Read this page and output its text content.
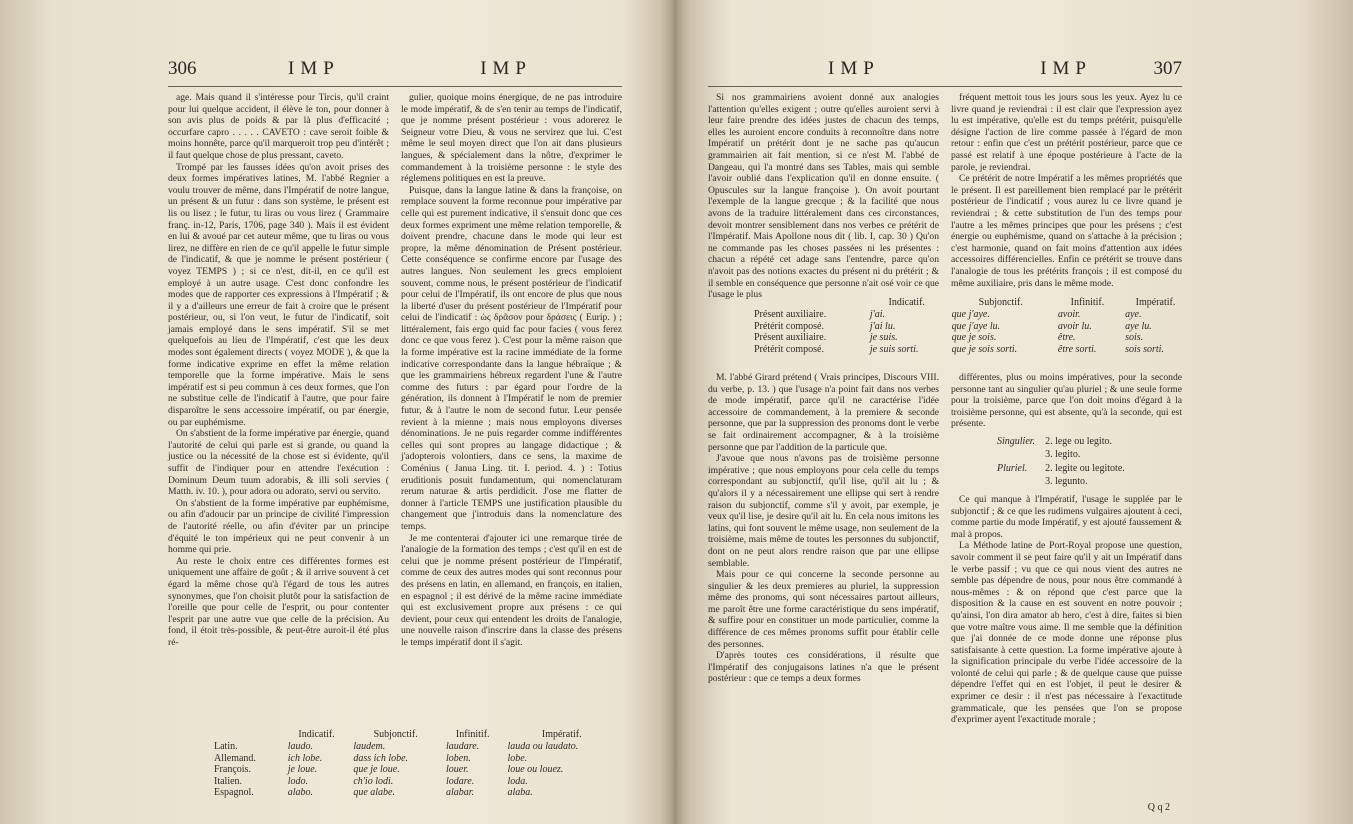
306	IMP	IMP

age. Mais quand il s'intéresse pour Tircis, qu'il craint pour lui quelque accident, il élève le ton, pour donner à son avis plus de poids & par là plus d'efficacité ; occurfare capro . . . . . CAVETO : cave seroit foible & moins honnête, parce qu'il marqueroit trop peu d'intérêt ; il faut quelque chose de plus pressant, caveto.

Trompé par les fausses idées qu'on avoit prises des deux formes impératives latines, M. l'abbé Regnier a voulu trouver de même, dans l'Impératif de notre langue, un présent & un futur : dans son système, le présent est lis ou lisez ; le futur, tu liras ou vous lirez ( Grammaire franç. in-12, Paris, 1706, page 340 ). Mais il est évident en lui & avoué par cet auteur même, que tu liras ou vous lirez, ne diffère en rien de ce qu'il appelle le futur simple de l'indicatif, & que je nomme le présent postérieur ( voyez TEMPS ) ; si ce n'est, dit-il, en ce qu'il est employé à un autre usage. C'est donc confondre les modes que de rapporter ces expressions à l'Impératif ; & il y a d'ailleurs une erreur de fait à croire que le présent postérieur, ou, si l'on veut, le futur de l'indicatif, soit jamais employé dans le sens impératif. S'il se met quelquefois au lieu de l'Impératif, c'est que les deux modes sont également directs ( voyez MODE ), & que la forme indicative exprime en effet la même relation temporelle que la forme impérative. Mais le sens impératif est si peu commun à ces deux formes, que l'on ne substitue celle de l'indicatif à l'autre, que pour faire disparoître le sens accessoire impératif, ou par énergie, ou par euphémisme.

On s'abstient de la forme impérative par énergie, quand l'autorité de celui qui parle est si grande, ou quand la justice ou la nécessité de la chose est si évidente, qu'il suffit de l'indiquer pour en attendre l'exécution : Dominum Deum tuum adorabis, & illi soli servies ( Matth. iv. 10. ), pour adora ou adorato, servi ou servito.

On s'abstient de la forme impérative par euphémisme, ou afin d'adoucir par un principe de civilité l'impression de l'autorité réelle, ou afin d'éviter par un principe d'équité le ton impérieux qui ne peut convenir à un homme qui prie.

Au reste le choix entre ces différentes formes est uniquement une affaire de goût ; & il arrive souvent à cet égard la même chose qu'à l'égard de tous les autres synonymes, que l'on choisit plutôt pour la satisfaction de l'oreille que pour celle de l'esprit, ou pour contenter l'esprit par une autre vue que celle de la précision. Au fond, il étoit très-possible, & peut-être auroit-il été plus ré-

gulier, quoique moins énergique, de ne pas introduire le mode impératif, & de s'en tenir au temps de l'indicatif, que je nomme présent postérieur : vous adorerez le Seigneur votre Dieu, & vous ne servirez que lui. C'est même le seul moyen direct que l'on ait dans plusieurs langues, & spécialement dans la nôtre, d'exprimer le commandement à la troisième personne : le style des réglemens politiques en est la preuve.

Puisque, dans la langue latine & dans la françoise, on remplace souvent la forme reconnue pour impérative par celle qui est purement indicative, il s'ensuit donc que ces deux formes expriment une même relation temporelle, & doivent prendre, chacune dans le mode qui leur est propre, la même dénomination de Présent postérieur. Cette conséquence se confirme encore par l'usage des autres langues. Non seulement les grecs emploient souvent, comme nous, le présent postérieur de l'indicatif pour celui de l'Impératif, ils ont encore de plus que nous la liberté d'user du présent postérieur de l'Impératif pour celui de l'indicatif : ὡς δρᾶσον pour δράσεις ( Eurip. ) ; littéralement, fais ergo quid fac pour facies ( vous ferez donc ce que vous ferez ). C'est pour la même raison que la forme impérative est la racine immédiate de la forme indicative correspondante dans la langue hébraïque ; & que les grammairiens hébreux regardent l'une & l'autre comme des futurs : par égard pour l'ordre de la génération, ils donnent à l'Impératif le nom de premier futur, & à l'autre le nom de second futur. Leur pensée revient à la mienne ; mais nous employons diverses dénominations. Je ne puis regarder comme indifférentes celles qui sont propres au langage didactique ; & j'adopterois volontiers, dans ce sens, la maxime de Coménius ( Janua Ling. tit. I. period. 4. ) : Totius eruditionis posuit fundamentum, qui nomenclaturam rerum naturae & artis perdidicit. J'ose me flatter de donner à l'article TEMPS une justification plausible du changement que j'introduis dans la nomenclature des temps.

Je me contenterai d'ajouter ici une remarque tirée de l'analogie de la formation des temps ; c'est qu'il en est de celui que je nomme présent postérieur de l'Impératif, comme de ceux des autres modes qui sont reconnus pour des présens en latin, en allemand, en françois, en italien, en espagnol ; il est dérivé de la même racine immédiate qui est exclusivement propre aux présens : ce qui devient, pour ceux qui entendent les droits de l'analogie, une nouvelle raison d'inscrire dans la classe des présens le temps impératif dont il s'agit.

	Indicatif.	Subjonctif.	Infinitif.	Impératif.
Latin.	laudo.	laudem.	laudare.	lauda ou laudato.
Allemand.	ich lobe.	dass ich lobe.	loben.	lobe.
François.	je loue.	que je loue.	louer.	loue ou louez.
Italien.	lodo.	ch'io lodi.	lodare.	loda.
Espagnol.	alabo.	que alabe.	alabar.	alaba.
IMP	IMP	307

Si nos grammairiens avoient donné aux analogies l'attention qu'elles exigent ; outre qu'elles auroient servi à leur faire prendre des idées justes de chacun des temps, elles les auroient encore conduits à reconnoître dans notre Impératif un prétérit dont je ne sache pas qu'aucun grammairien ait fait mention, si ce n'est M. l'abbé de Dangeau, qui l'a montré dans ses Tables, mais qui semble l'avoir oublié dans l'explication qu'il en donne ensuite. ( Opuscules sur la langue françoise ). On avoit pourtant l'exemple de la langue grecque ; & la facilité que nous avons de la traduire littéralement dans ces circonstances, devoit montrer sensiblement dans nos verbes ce prétérit de l'Impératif. Mais Apollone nous dit ( lib. I, cap. 30 ) Qu'on ne commande pas les choses passées ni les présentes : chacun a répété cet adage sans l'entendre, parce qu'on n'avoit pas des notions exactes du présent ni du prétérit ; & il semble en conséquence que personne n'ait osé voir ce que l'usage le plus

fréquent mettoit tous les jours sous les yeux. Ayez lu ce livre quand je reviendrai : il est clair que l'expression ayez lu est impérative, qu'elle est du temps prétérit, puisqu'elle désigne l'action de lire comme passée à l'égard de mon retour : enfin que c'est un prétérit postérieur, parce que ce passé est relatif à une époque postérieure à l'acte de la parole, je reviendrai.

Ce prétérit de notre Impératif a les mêmes propriétés que le présent. Il est pareillement bien remplacé par le prétérit postérieur de l'indicatif ; vous aurez lu ce livre quand je reviendrai ; & cette substitution de l'un des temps pour l'autre a les mêmes principes que pour les présens ; c'est énergie ou euphémisme, quand on s'attache à la précision ; c'est harmonie, quand on fait moins d'attention aux idées accessoires différencielles. Enfin ce prétérit se trouve dans l'analogie de tous les prétérits françois ; il est composé du même auxiliaire, pris dans le même mode.

	Indicatif.	Subjonctif.	Infinitif.	Impératif.
Présent auxiliaire.	j'ai.	que j'aye.	avoir.	aye.
Prétérit composé.	j'ai lu.	que j'aye lu.	avoir lu.	aye lu.
Présent auxiliaire.	je suis.	que je sois.	être.	sois.
Prétérit composé.	je suis sorti.	que je sois sorti.	être sorti.	sois sorti.

M. l'abbé Girard prétend ( Vrais principes, Discours VIII. du verbe, p. 13. ) que l'usage n'a point fait dans nos verbes de mode impératif, parce qu'il ne caractérise l'idée accessoire de commandement, à la premiere & seconde personne, que par la suppression des pronoms dont le verbe se fait ordinairement accompagner, & à la troisième personne que par l'addition de la particule que.

J'avoue que nous n'avons pas de troisième personne impérative ; que nous employons pour cela celle du temps correspondant au subjonctif, qu'il lise, qu'il ait lu ; & qu'alors il y a nécessairement une ellipse qui sert à rendre raison du subjonctif, comme s'il y avoit, par exemple, je veux qu'il lise, je desire qu'il ait lu. En cela nous imitons les latins, qui font souvent le même usage, non seulement de la troisième, mais même de toutes les personnes du subjonctif, dont on ne peut alors rendre raison que par une ellipse semblable.

Mais pour ce qui concerne la seconde personne au singulier & les deux premieres au pluriel, la suppression même des pronoms, qui sont nécessaires partout ailleurs, me paroît être une forme caractéristique du sens impératif, & suffire pour en constituer un mode particulier, comme la différence de ces mêmes pronoms suffit pour établir celle des personnes.

D'après toutes ces considérations, il résulte que l'Impératif des conjugaisons latines n'a que le présent postérieur : que ce temps a deux formes

différentes, plus ou moins impératives, pour la seconde personne tant au singulier qu'au pluriel ; & une seule forme pour la troisième, parce que l'on doit moins d'égard à la troisième personne, qui est absente, qu'à la seconde, qui est présente.

Singulier.	2. lege ou legito.
	3. legito.
Pluriel.	2. legite ou legitote.
	3. legunto.

Ce qui manque à l'Impératif, l'usage le supplée par le subjonctif ; & ce que les rudimens vulgaires ajoutent à ceci, comme partie du mode Impératif, y est ajouté faussement & mal à propos.

La Méthode latine de Port-Royal propose une question, savoir comment il se peut faire qu'il y ait un Impératif dans le verbe passif ; vu que ce qui nous vient des autres ne semble pas dépendre de nous, pour nous être commandé à nous-mêmes : & on répond que c'est parce que la disposition & la cause en est souvent en notre pouvoir ; qu'ainsi, l'on dira amator ab hero, c'est à dire, faites si bien que votre maître vous aime. Il me semble que la définition que j'ai donnée de ce mode donne une réponse plus satisfaisante à cette question. La forme impérative ajoute à la signification principale du verbe l'idée accessoire de la volonté de celui qui parle ; & de quelque cause que puisse dépendre l'effet qui en est l'objet, il peut le desirer & exprimer ce desir : il n'est pas nécessaire à l'exactitude grammaticale, que les pensées que l'on se propose d'exprimer ayent l'exactitude morale ;

Q q 2
